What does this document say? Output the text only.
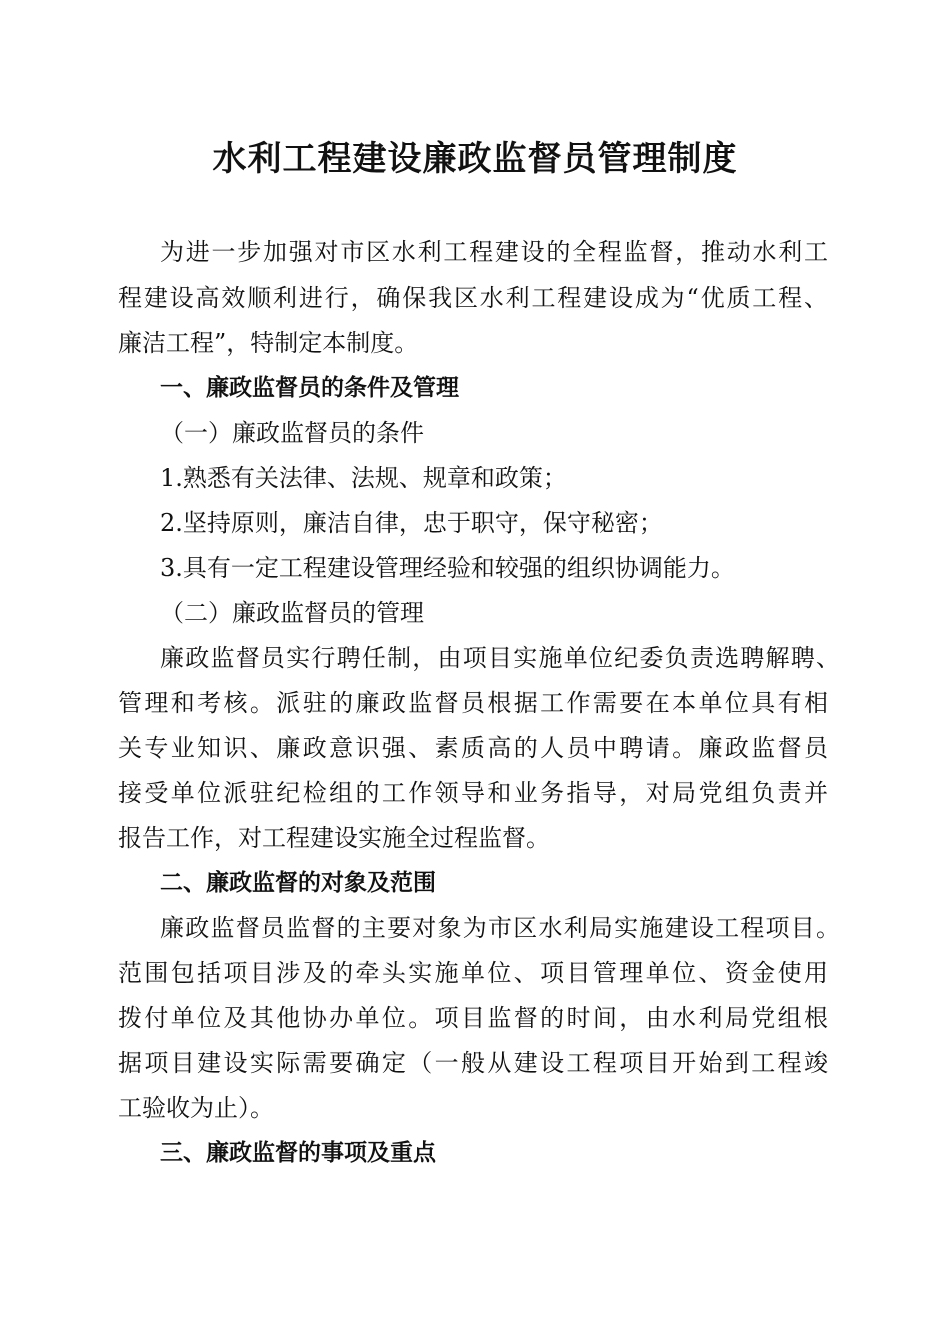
水利工程建设廉政监督员管理制度
为进一步加强对市区水利工程建设的全程监督，推动水利工
程建设高效顺利进行，确保我区水利工程建设成为“优质工程、
廉洁工程”，特制定本制度。
一、廉政监督员的条件及管理
（一）廉政监督员的条件
1.熟悉有关法律、法规、规章和政策；
2.坚持原则，廉洁自律，忠于职守，保守秘密；
3.具有一定工程建设管理经验和较强的组织协调能力。
（二）廉政监督员的管理
廉政监督员实行聘任制，由项目实施单位纪委负责选聘解聘、
管理和考核。派驻的廉政监督员根据工作需要在本单位具有相
关专业知识、廉政意识强、素质高的人员中聘请。廉政监督员
接受单位派驻纪检组的工作领导和业务指导，对局党组负责并
报告工作，对工程建设实施全过程监督。
二、廉政监督的对象及范围
廉政监督员监督的主要对象为市区水利局实施建设工程项目。
范围包括项目涉及的牵头实施单位、项目管理单位、资金使用
拨付单位及其他协办单位。项目监督的时间，由水利局党组根
据项目建设实际需要确定（一般从建设工程项目开始到工程竣
工验收为止）。
三、廉政监督的事项及重点
